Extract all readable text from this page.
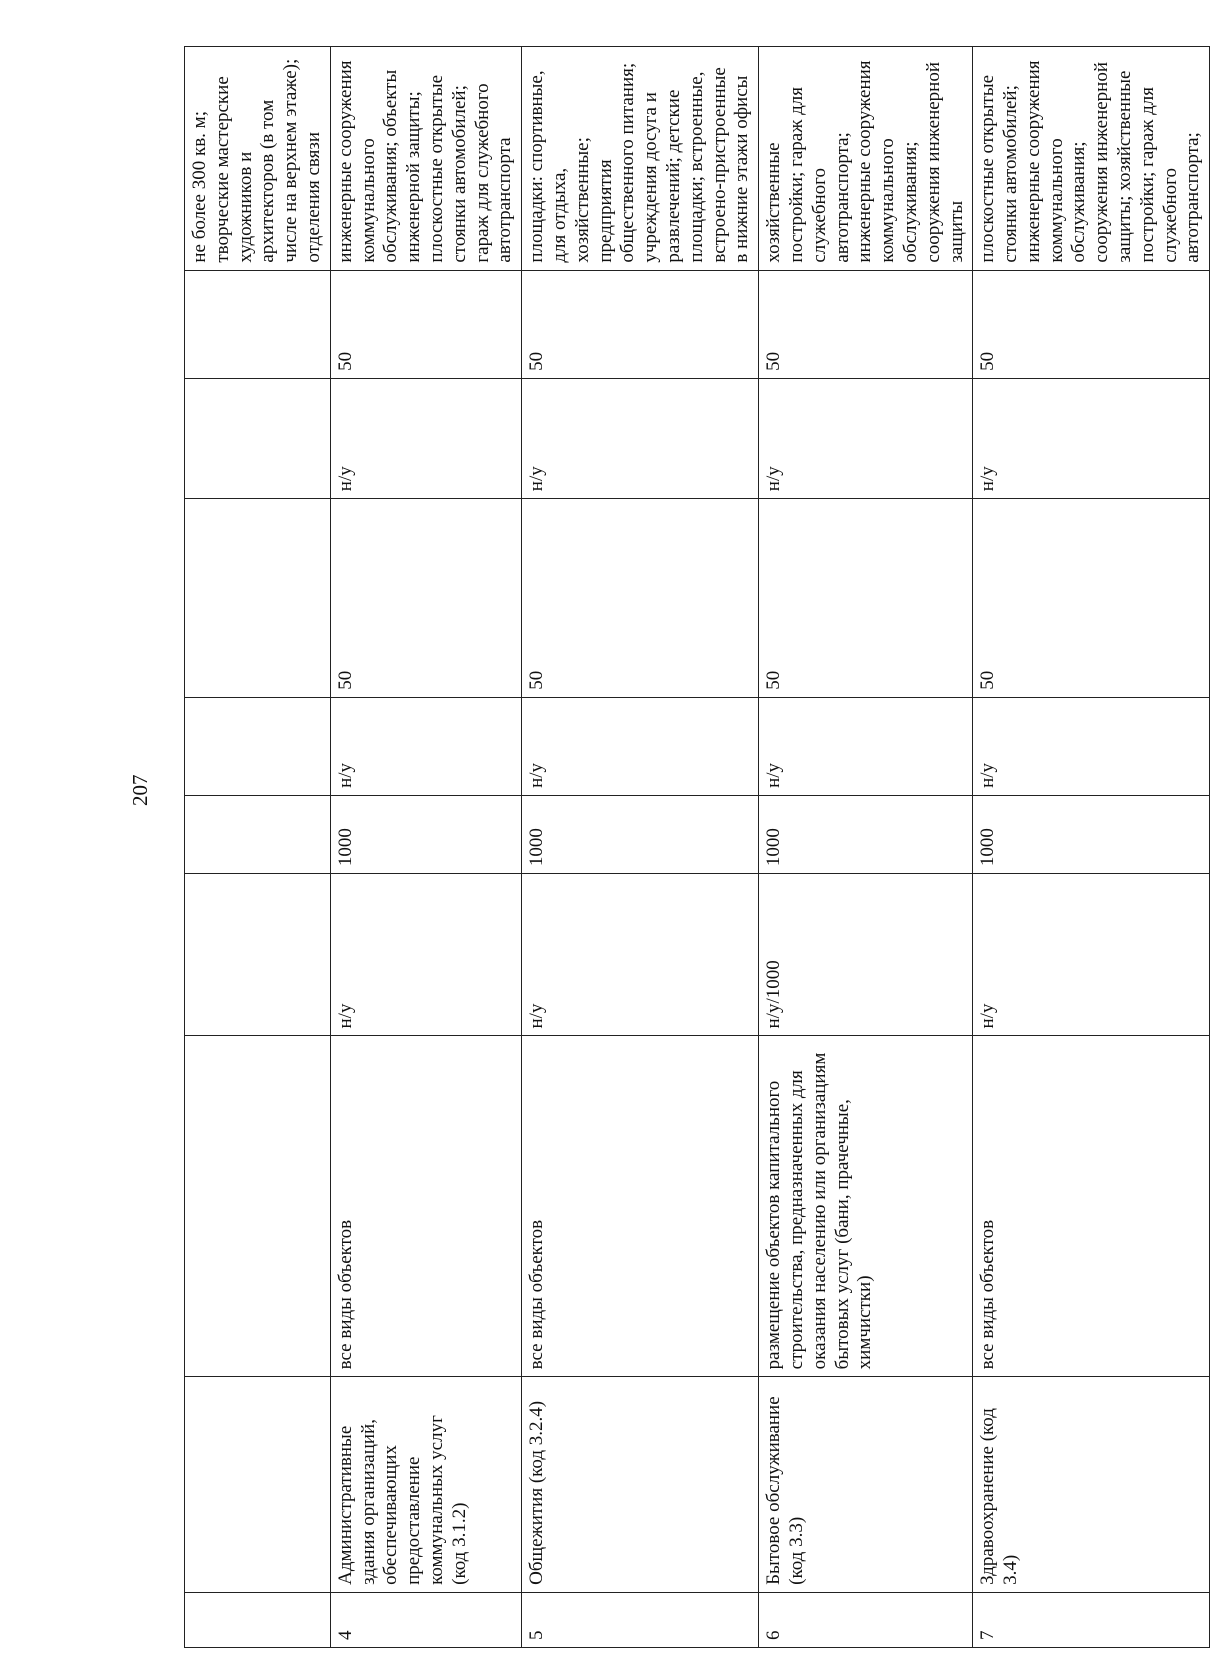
207
									не более 300 кв. м; творческие мастерские художников и архитекторов (в том числе на верхнем этаже); отделения связи
4	Административные здания организаций, обеспечивающих предоставление коммунальных услуг (код 3.1.2)	все виды объектов	н/у	1000	н/у	50	н/у	50	инженерные сооружения коммунального обслуживания; объекты инженерной защиты; плоскостные открытые стоянки автомобилей; гараж для служебного автотранспорта
5	Общежития (код 3.2.4)	все виды объектов	н/у	1000	н/у	50	н/у	50	площадки: спортивные, для отдыха, хозяйственные; предприятия общественного питания; учреждения досуга и развлечений; детские площадки; встроенные, встроено-пристроенные в нижние этажи офисы
6	Бытовое обслуживание (код 3.3)	размещение объектов капитального строительства, предназначенных для оказания населению или организациям бытовых услуг (бани, прачечные, химчистки)	н/у/1000	1000	н/у	50	н/у	50	хозяйственные постройки; гараж для служебного автотранспорта; инженерные сооружения коммунального обслуживания; сооружения инженерной защиты
7	Здравоохранение (код 3.4)	все виды объектов	н/у	1000	н/у	50	н/у	50	плоскостные открытые стоянки автомобилей; инженерные сооружения коммунального обслуживания; сооружения инженерной защиты; хозяйственные постройки; гараж для служебного автотранспорта;
